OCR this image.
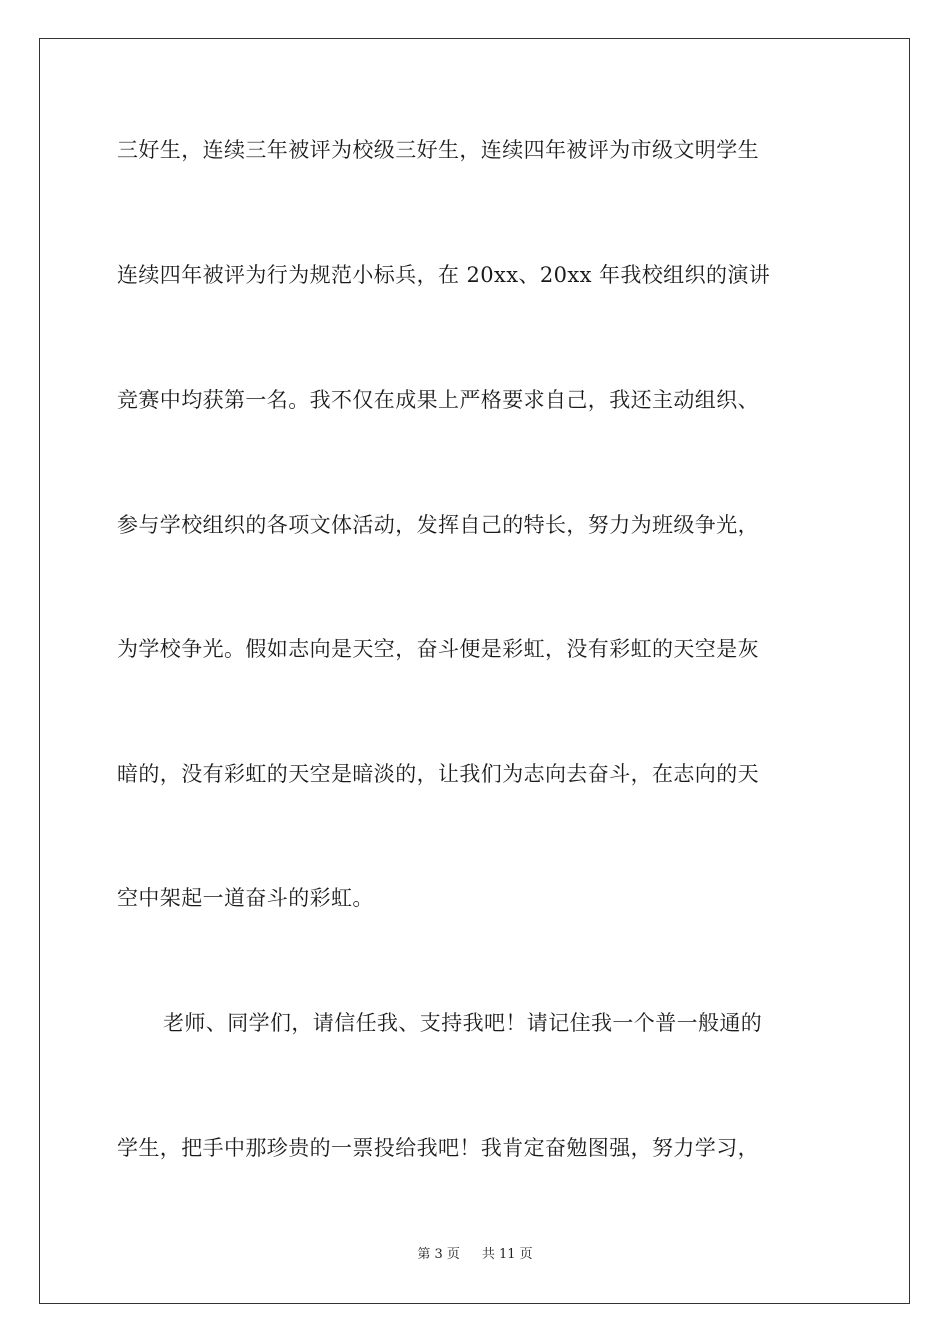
三好生，连续三年被评为校级三好生，连续四年被评为市级文明学生
连续四年被评为行为规范小标兵，在 20xx、20xx 年我校组织的演讲
竞赛中均获第一名。我不仅在成果上严格要求自己，我还主动组织、
参与学校组织的各项文体活动，发挥自己的特长，努力为班级争光，
为学校争光。假如志向是天空，奋斗便是彩虹，没有彩虹的天空是灰
暗的，没有彩虹的天空是暗淡的，让我们为志向去奋斗，在志向的天
空中架起一道奋斗的彩虹。
老师、同学们，请信任我、支持我吧！请记住我一个普一般通的
学生，把手中那珍贵的一票投给我吧！我肯定奋勉图强，努力学习，
第 3 页 共 11 页
